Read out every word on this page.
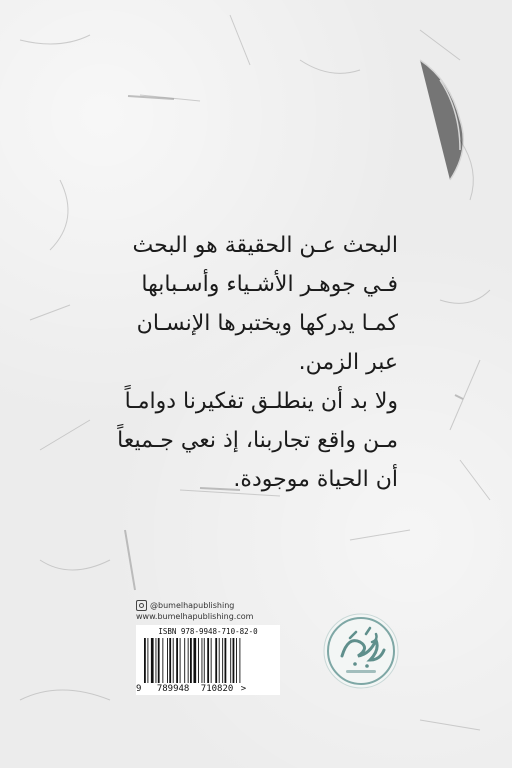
البحث عـن الحقيقة هو البحث
فـي جوهـر الأشـياء وأسـبابها
كمـا يدركها ويختبرها الإنسـان
عبر الزمن.
ولا بد أن ينطلـق تفكيرنا دوامـاً
مـن واقع تجاربنا، إذ نعي جـميعاً
أن الحياة موجودة.
@bumelhapublishing
www.bumelhapublishing.com
ISBN 978-9948-710-82-0
9 789948 710820 >
